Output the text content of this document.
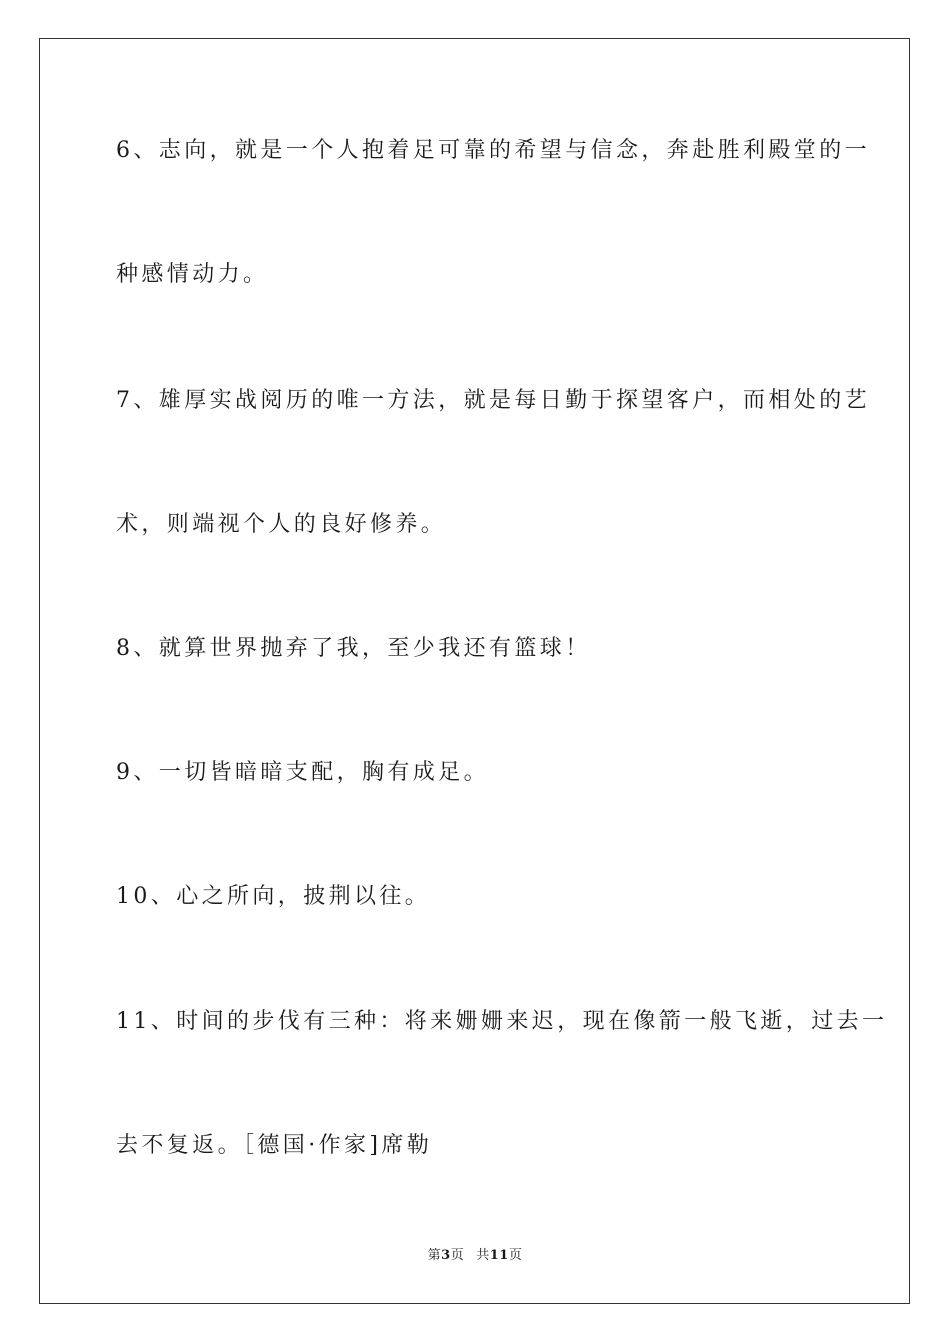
6、志向，就是一个人抱着足可靠的希望与信念，奔赴胜利殿堂的一
种感情动力。
7、雄厚实战阅历的唯一方法，就是每日勤于探望客户，而相处的艺
术，则端视个人的良好修养。
8、就算世界抛弃了我，至少我还有篮球！
9、一切皆暗暗支配，胸有成足。
10、心之所向，披荆以往。
11、时间的步伐有三种：将来姗姗来迟，现在像箭一般飞逝，过去一
去不复返。［德国·作家]席勒
第3页 共11页
